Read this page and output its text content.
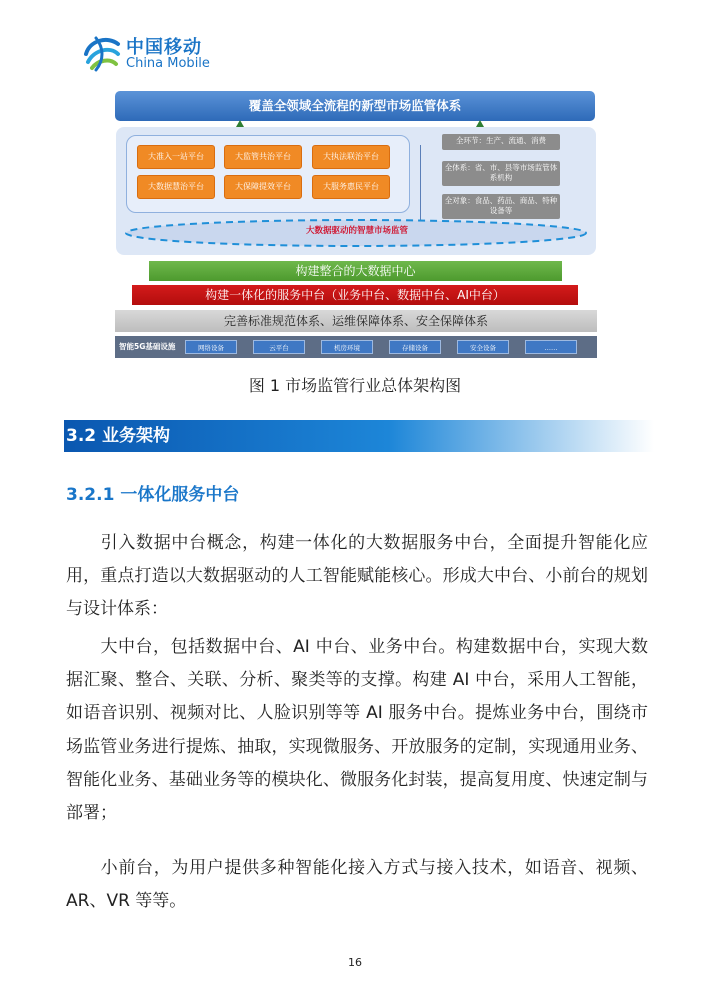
中国移动
China Mobile
覆盖全领域全流程的新型市场监管体系
大准入一站平台	大监管共治平台	大执法联治平台
大数据慧治平台	大保障提效平台	大服务惠民平台
全环节：生产、流通、消费
全体系：省、市、县等市场监管体系机构
全对象：食品、药品、商品、特种设备等
大数据驱动的智慧市场监管
构建整合的大数据中心
构建一体化的服务中台（业务中台、数据中台、AI中台）
完善标准规范体系、运维保障体系、安全保障体系
智能5G基础设施	网络设备	云平台	机房环境	存储设备	安全设备	……
图 1 市场监管行业总体架构图
3.2 业务架构
3.2.1 一体化服务中台
引入数据中台概念，构建一体化的大数据服务中台，全面提升智能化应用，重点打造以大数据驱动的人工智能赋能核心。形成大中台、小前台的规划与设计体系：
大中台，包括数据中台、AI 中台、业务中台。构建数据中台，实现大数据汇聚、整合、关联、分析、聚类等的支撑。构建 AI 中台，采用人工智能，如语音识别、视频对比、人脸识别等等 AI 服务中台。提炼业务中台，围绕市场监管业务进行提炼、抽取，实现微服务、开放服务的定制，实现通用业务、智能化业务、基础业务等的模块化、微服务化封装，提高复用度、快速定制与部署；
小前台，为用户提供多种智能化接入方式与接入技术，如语音、视频、AR、VR 等等。
16
